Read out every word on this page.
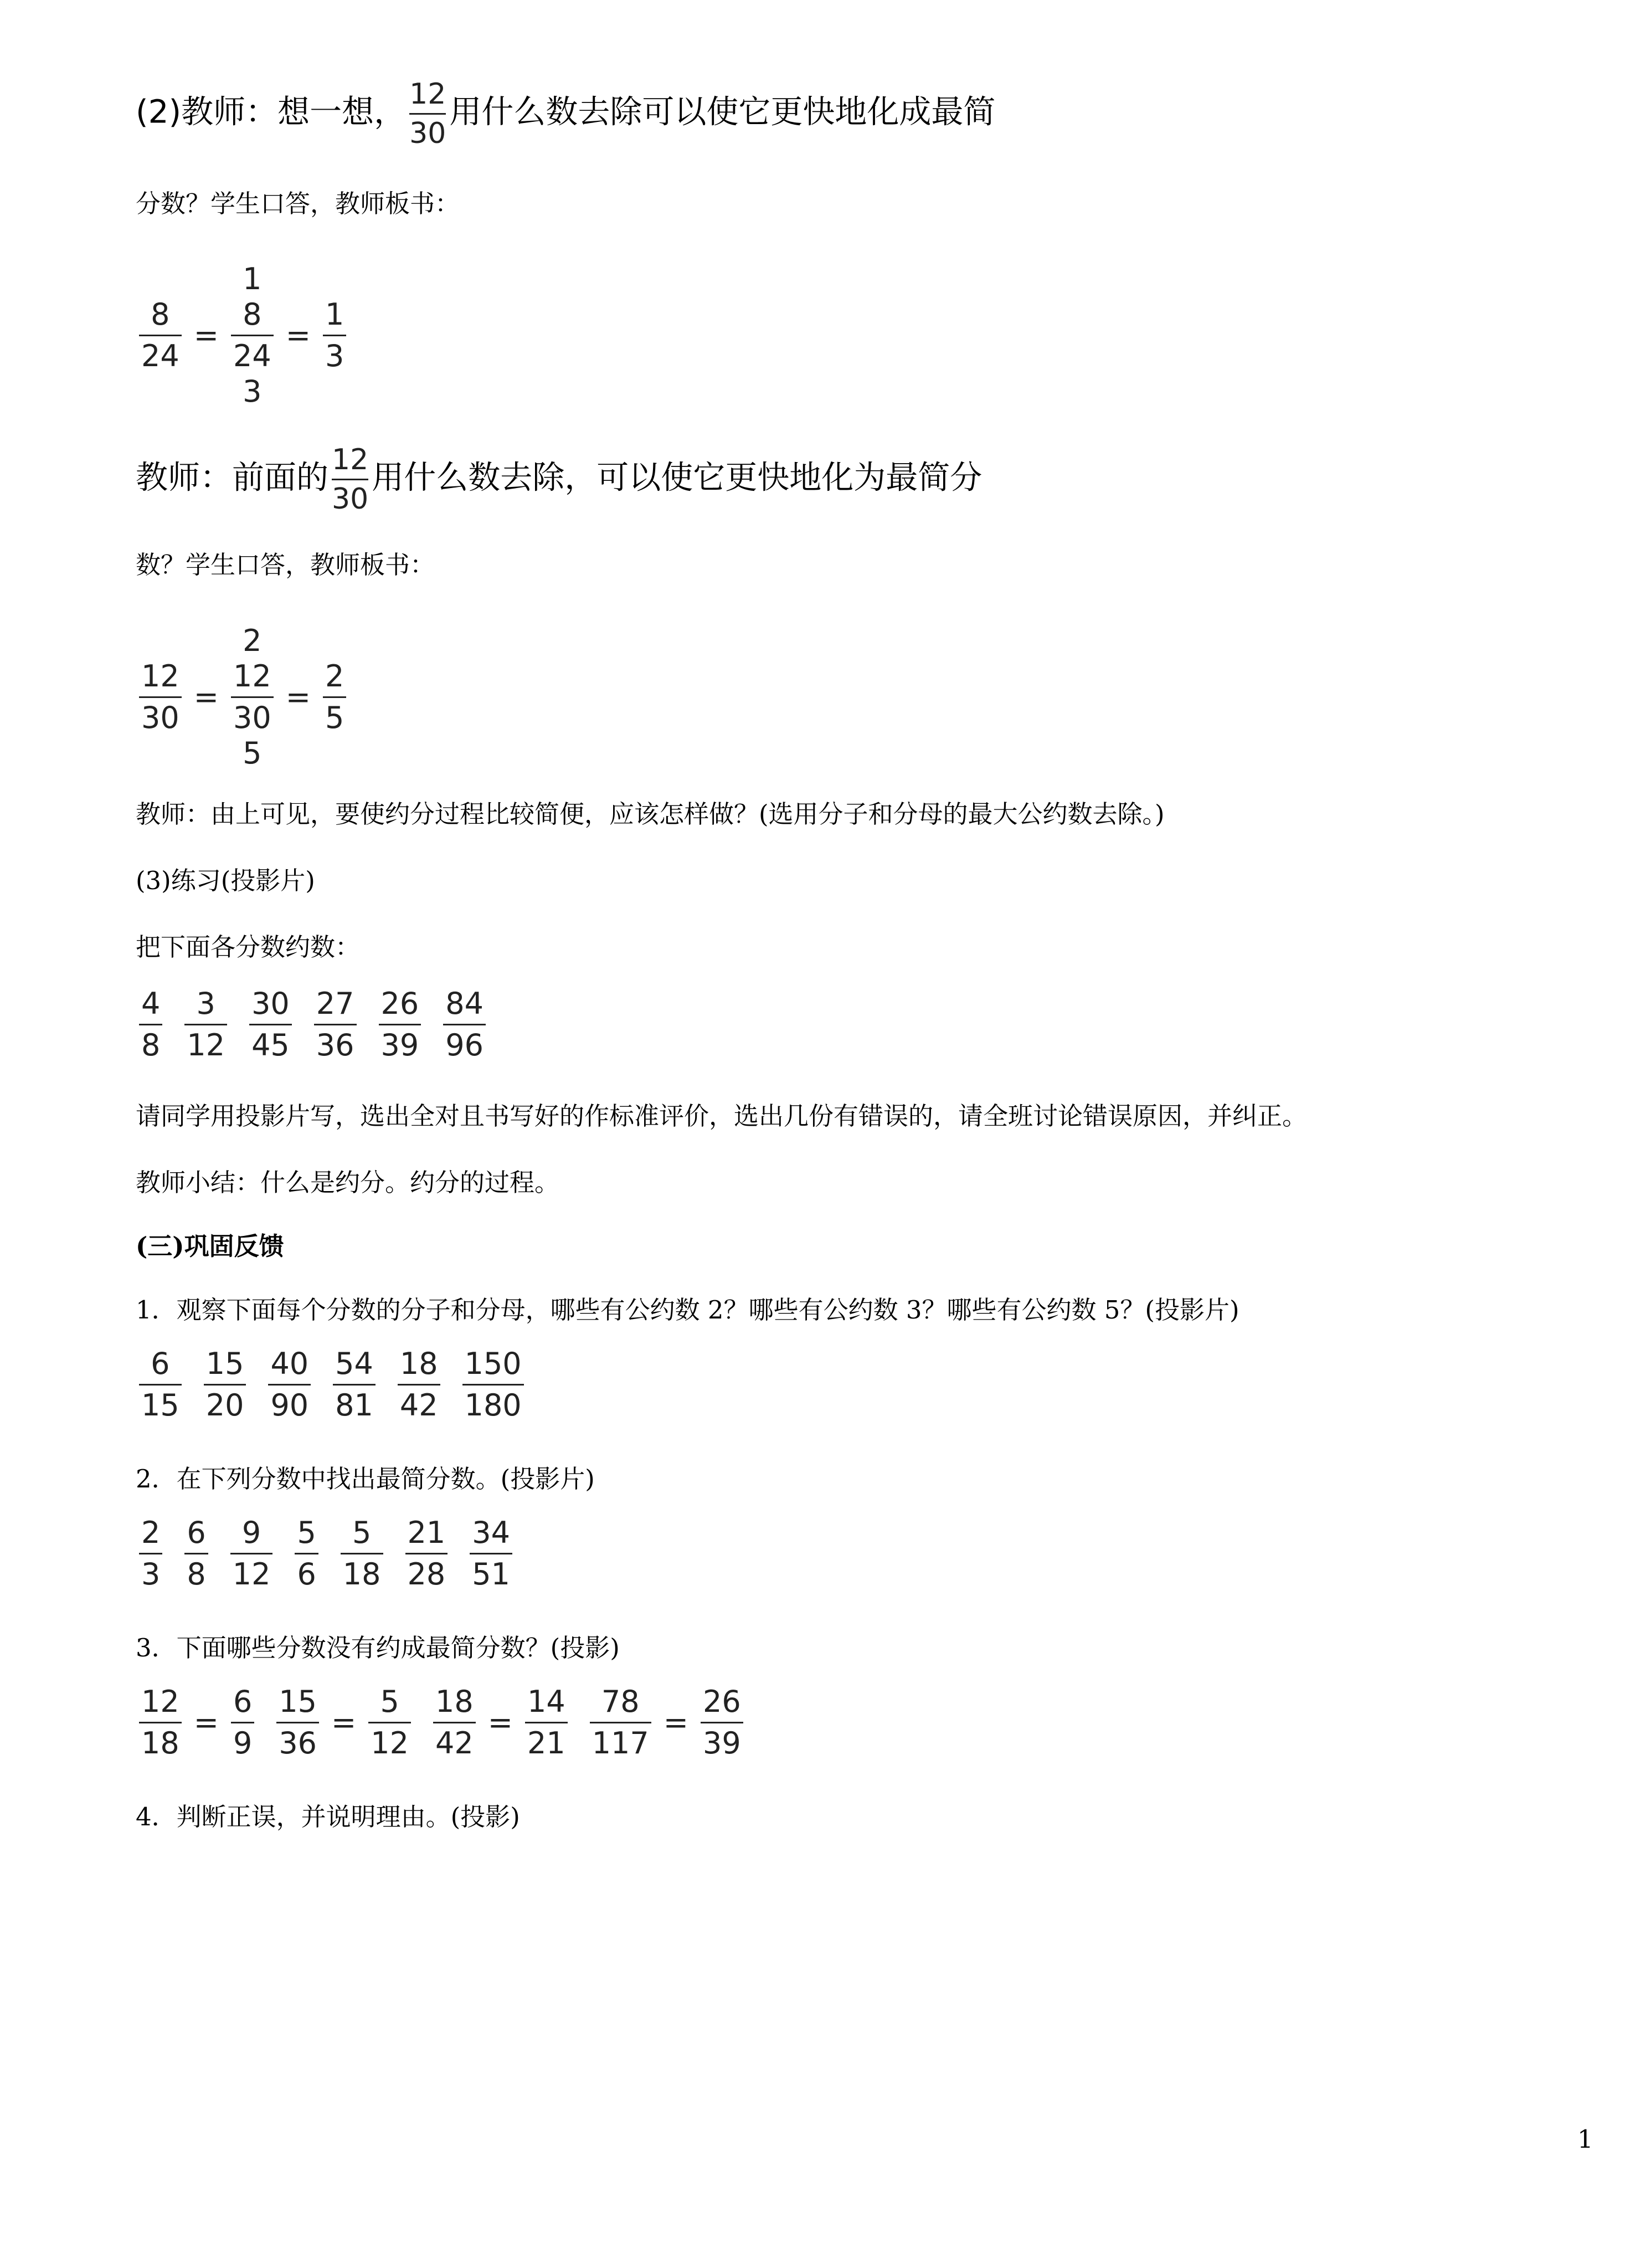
(2)教师：想一想， $\frac{12}{30}$ 用什么数去除可以使它更快地化成最简
分数？学生口答，教师板书：
$\frac{8}{24}$ =
1
$\frac{8}{24}$
3
= $\frac{1}{3}$
教师：前面的 $\frac{12}{30}$ 用什么数去除，可以使它更快地化为最简分
数？学生口答，教师板书：
$\frac{12}{30}$ =
2
$\frac{12}{30}$
5
= $\frac{2}{5}$
教师：由上可见，要使约分过程比较简便，应该怎样做？(选用分子和分母的最大公约数去除。)
(3)练习(投影片)
把下面各分数约数：
$\frac{4}{8} \frac{3}{12} \frac{30}{45} \frac{27}{36} \frac{26}{39} \frac{84}{96}$
请同学用投影片写，选出全对且书写好的作标准评价，选出几份有错误的，请全班讨论错误原因，并纠正。
教师小结：什么是约分。约分的过程。
(三)巩固反馈
1．观察下面每个分数的分子和分母，哪些有公约数 2？哪些有公约数 3？哪些有公约数 5？(投影片)
$\frac{6}{15} \frac{15}{20} \frac{40}{90} \frac{54}{81} \frac{18}{42} \frac{150}{180}$
2．在下列分数中找出最简分数。(投影片)
$\frac{2}{3} \frac{6}{8} \frac{9}{12} \frac{5}{6} \frac{5}{18} \frac{21}{28} \frac{34}{51}$
3．下面哪些分数没有约成最简分数？(投影)
$\frac{12}{18} = \frac{6}{9} \frac{15}{36} = \frac{5}{12} \frac{18}{42} = \frac{14}{21} \frac{78}{117} = \frac{26}{39}$
4．判断正误，并说明理由。(投影)
1
